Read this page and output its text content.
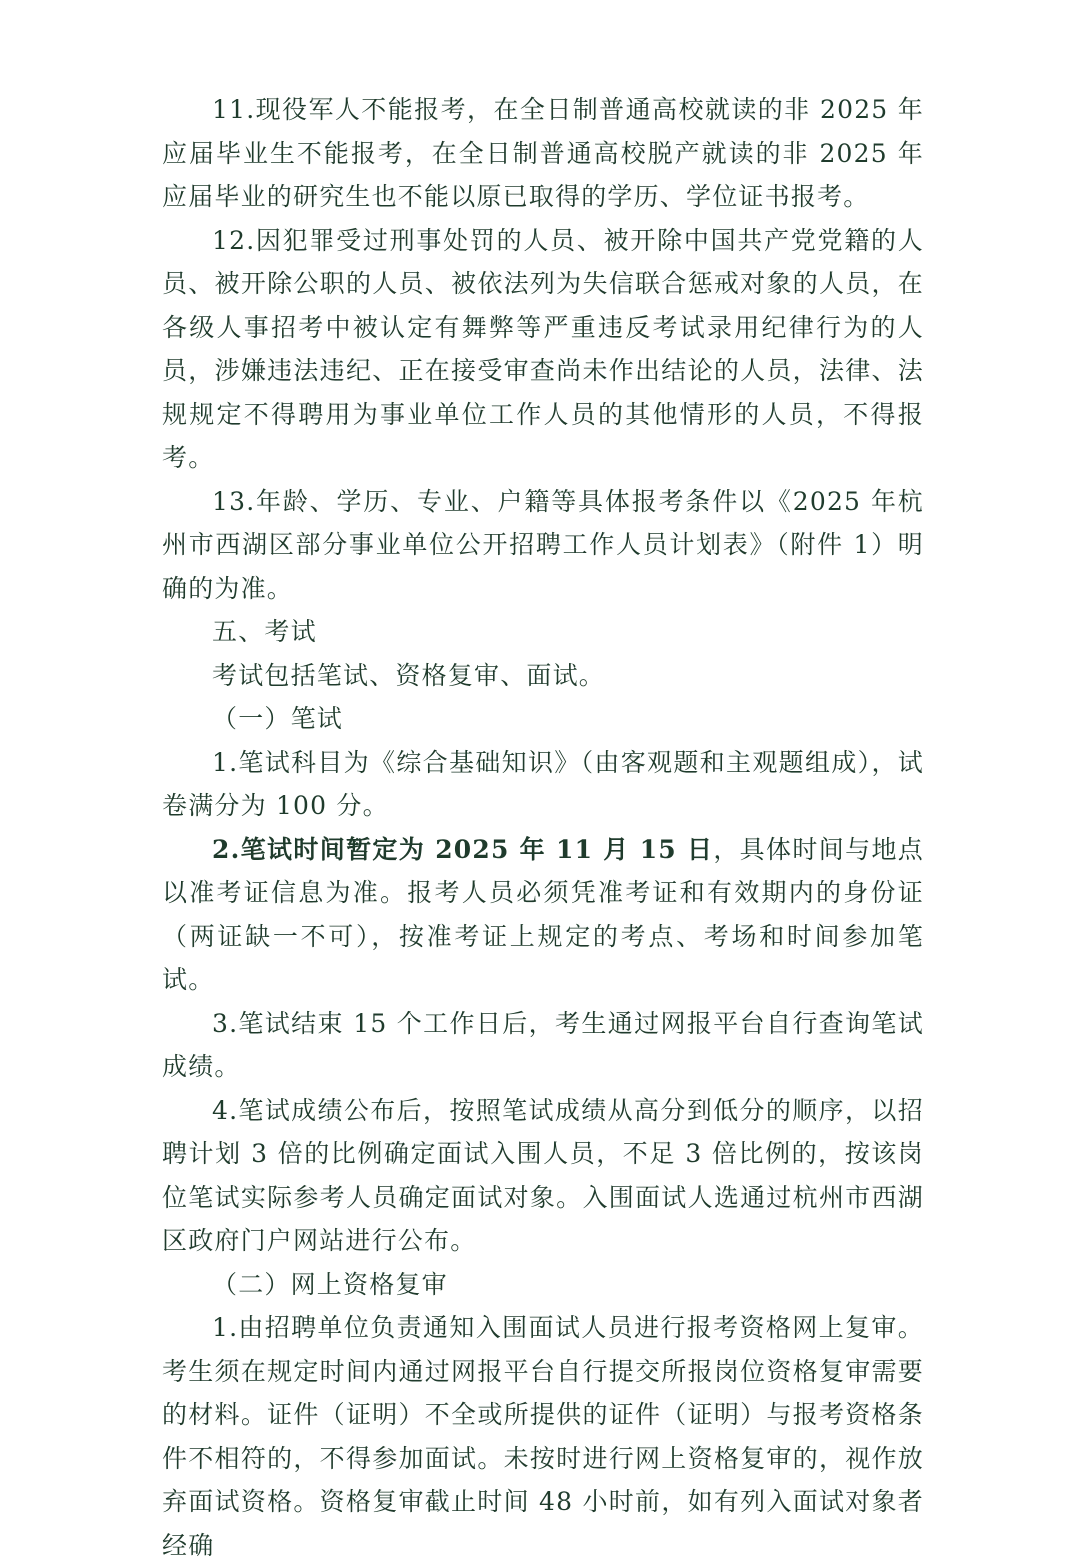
11.现役军人不能报考，在全日制普通高校就读的非 2025 年应届毕业生不能报考，在全日制普通高校脱产就读的非 2025 年应届毕业的研究生也不能以原已取得的学历、学位证书报考。

12.因犯罪受过刑事处罚的人员、被开除中国共产党党籍的人员、被开除公职的人员、被依法列为失信联合惩戒对象的人员，在各级人事招考中被认定有舞弊等严重违反考试录用纪律行为的人员，涉嫌违法违纪、正在接受审查尚未作出结论的人员，法律、法规规定不得聘用为事业单位工作人员的其他情形的人员，不得报考。

13.年龄、学历、专业、户籍等具体报考条件以《2025 年杭州市西湖区部分事业单位公开招聘工作人员计划表》（附件 1）明确的为准。

五、考试

考试包括笔试、资格复审、面试。

（一）笔试

1.笔试科目为《综合基础知识》（由客观题和主观题组成），试卷满分为 100 分。

2.笔试时间暂定为 2025 年 11 月 15 日，具体时间与地点以准考证信息为准。报考人员必须凭准考证和有效期内的身份证（两证缺一不可），按准考证上规定的考点、考场和时间参加笔试。

3.笔试结束 15 个工作日后，考生通过网报平台自行查询笔试成绩。

4.笔试成绩公布后，按照笔试成绩从高分到低分的顺序，以招聘计划 3 倍的比例确定面试入围人员，不足 3 倍比例的，按该岗位笔试实际参考人员确定面试对象。入围面试人选通过杭州市西湖区政府门户网站进行公布。

（二）网上资格复审

1.由招聘单位负责通知入围面试人员进行报考资格网上复审。考生须在规定时间内通过网报平台自行提交所报岗位资格复审需要的材料。证件（证明）不全或所提供的证件（证明）与报考资格条件不相符的，不得参加面试。未按时进行网上资格复审的，视作放弃面试资格。资格复审截止时间 48 小时前，如有列入面试对象者经确
